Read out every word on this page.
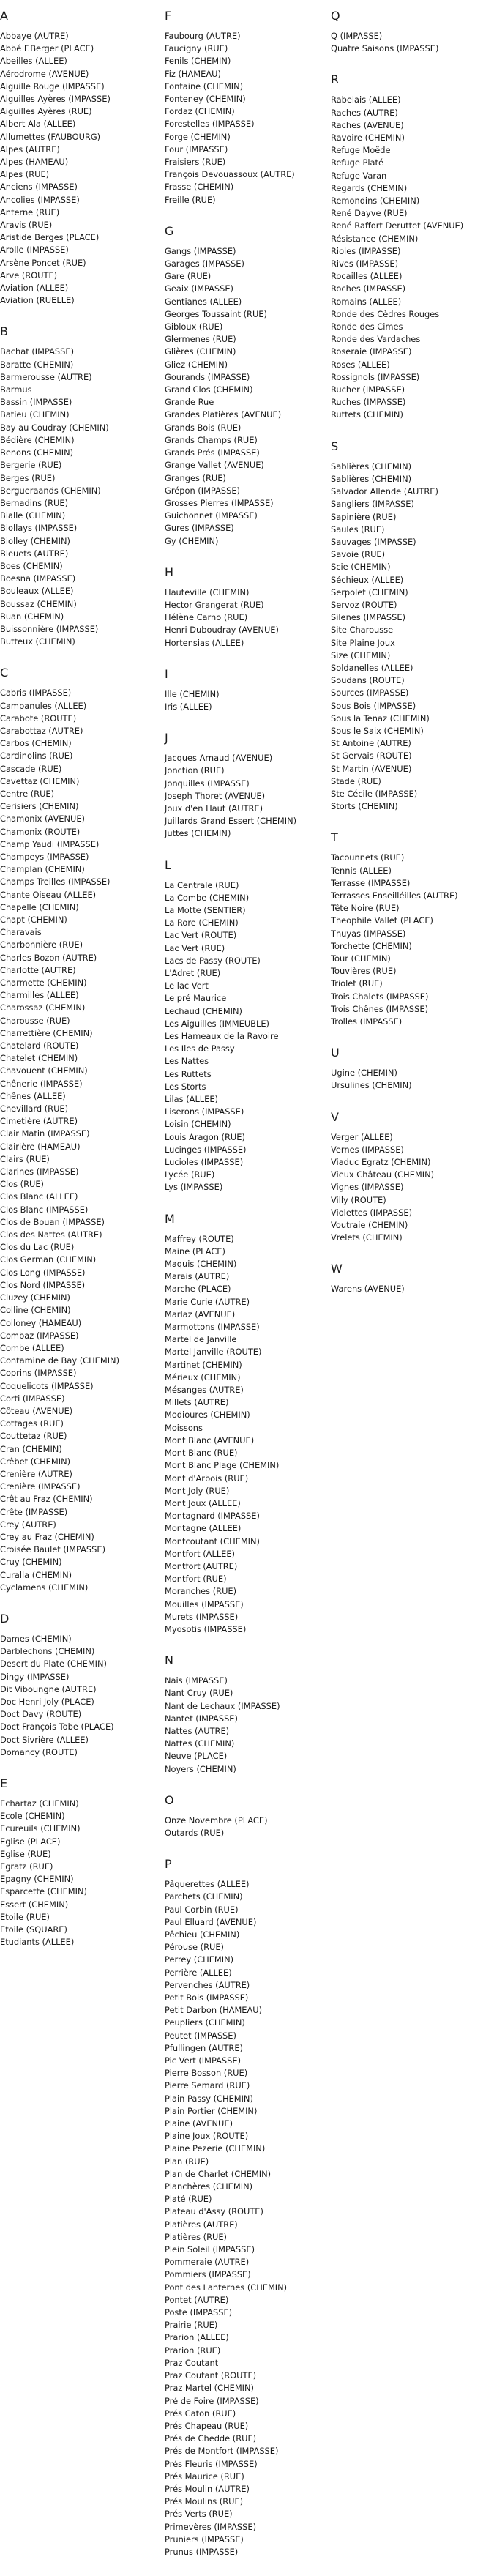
A
Abbaye (AUTRE)
Abbé F.Berger (PLACE)
Abeilles (ALLEE)
Aérodrome (AVENUE)
Aiguille Rouge (IMPASSE)
Aiguilles Ayères (IMPASSE)
Aiguilles Ayères (RUE)
Albert Ala (ALLEE)
Allumettes (FAUBOURG)
Alpes (AUTRE)
Alpes (HAMEAU)
Alpes (RUE)
Anciens (IMPASSE)
Ancolies (IMPASSE)
Anterne (RUE)
Aravis (RUE)
Aristide Berges (PLACE)
Arolle (IMPASSE)
Arsène Poncet (RUE)
Arve (ROUTE)
Aviation (ALLEE)
Aviation (RUELLE)
B
Bachat (IMPASSE)
Baratte (CHEMIN)
Barmerousse (AUTRE)
Barmus
Bassin (IMPASSE)
Batieu (CHEMIN)
Bay au Coudray (CHEMIN)
Bédière (CHEMIN)
Benons (CHEMIN)
Bergerie (RUE)
Berges (RUE)
Bergueraands (CHEMIN)
Bernadins (RUE)
Bialle (CHEMIN)
Biollays (IMPASSE)
Biolley (CHEMIN)
Bleuets (AUTRE)
Boes (CHEMIN)
Boesna (IMPASSE)
Bouleaux (ALLEE)
Boussaz (CHEMIN)
Buan (CHEMIN)
Buissonnière (IMPASSE)
Butteux (CHEMIN)
C
Cabris (IMPASSE)
Campanules (ALLEE)
Carabote (ROUTE)
Carabottaz (AUTRE)
Carbos (CHEMIN)
Cardinolins (RUE)
Cascade (RUE)
Cavettaz (CHEMIN)
Centre (RUE)
Cerisiers (CHEMIN)
Chamonix (AVENUE)
Chamonix (ROUTE)
Champ Yaudi (IMPASSE)
Champeys (IMPASSE)
Champlan (CHEMIN)
Champs Treilles (IMPASSE)
Chante Oiseau (ALLEE)
Chapelle (CHEMIN)
Chapt (CHEMIN)
Charavais
Charbonnière (RUE)
Charles Bozon (AUTRE)
Charlotte (AUTRE)
Charmette (CHEMIN)
Charmilles (ALLEE)
Charossaz (CHEMIN)
Charousse (RUE)
Charrettière (CHEMIN)
Chatelard (ROUTE)
Chatelet (CHEMIN)
Chavouent (CHEMIN)
Chênerie (IMPASSE)
Chênes (ALLEE)
Chevillard (RUE)
Cimetière (AUTRE)
Clair Matin (IMPASSE)
Clairière (HAMEAU)
Clairs (RUE)
Clarines (IMPASSE)
Clos (RUE)
Clos Blanc (ALLEE)
Clos Blanc (IMPASSE)
Clos de Bouan (IMPASSE)
Clos des Nattes (AUTRE)
Clos du Lac (RUE)
Clos German (CHEMIN)
Clos Long (IMPASSE)
Clos Nord (IMPASSE)
Cluzey (CHEMIN)
Colline (CHEMIN)
Colloney (HAMEAU)
Combaz (IMPASSE)
Combe (ALLEE)
Contamine de Bay (CHEMIN)
Coprins (IMPASSE)
Coquelicots (IMPASSE)
Corti (IMPASSE)
Côteau (AVENUE)
Cottages (RUE)
Couttetaz (RUE)
Cran (CHEMIN)
Crêbet (CHEMIN)
Crenière (AUTRE)
Crenière (IMPASSE)
Crêt au Fraz (CHEMIN)
Crête (IMPASSE)
Crey (AUTRE)
Crey au Fraz (CHEMIN)
Croisée Baulet (IMPASSE)
Cruy (CHEMIN)
Curalla (CHEMIN)
Cyclamens (CHEMIN)
D
Dames (CHEMIN)
Darblechons (CHEMIN)
Desert du Plate (CHEMIN)
Dingy (IMPASSE)
Dit Viboungne (AUTRE)
Doc Henri Joly (PLACE)
Doct Davy (ROUTE)
Doct François Tobe (PLACE)
Doct Sivrière (ALLEE)
Domancy (ROUTE)
E
Echartaz (CHEMIN)
Ecole (CHEMIN)
Ecureuils (CHEMIN)
Eglise (PLACE)
Eglise (RUE)
Egratz (RUE)
Epagny (CHEMIN)
Esparcette (CHEMIN)
Essert (CHEMIN)
Etoile (RUE)
Etoile (SQUARE)
Etudiants (ALLEE)
F
Faubourg (AUTRE)
Faucigny (RUE)
Fenils (CHEMIN)
Fiz (HAMEAU)
Fontaine (CHEMIN)
Fonteney (CHEMIN)
Fordaz (CHEMIN)
Forestelles (IMPASSE)
Forge (CHEMIN)
Four (IMPASSE)
Fraisiers (RUE)
François Devouassoux (AUTRE)
Frasse (CHEMIN)
Freille (RUE)
G
Gangs (IMPASSE)
Garages (IMPASSE)
Gare (RUE)
Geaix (IMPASSE)
Gentianes (ALLEE)
Georges Toussaint (RUE)
Gibloux (RUE)
Glermenes (RUE)
Glières (CHEMIN)
Gliez (CHEMIN)
Gourands (IMPASSE)
Grand Clos (CHEMIN)
Grande Rue
Grandes Platières (AVENUE)
Grands Bois (RUE)
Grands Champs (RUE)
Grands Prés (IMPASSE)
Grange Vallet (AVENUE)
Granges (RUE)
Grépon (IMPASSE)
Grosses Pierres (IMPASSE)
Guichonnet (IMPASSE)
Gures (IMPASSE)
Gy (CHEMIN)
H
Hauteville (CHEMIN)
Hector Grangerat (RUE)
Hélène Carno (RUE)
Henri Duboudray (AVENUE)
Hortensias (ALLEE)
I
Ille (CHEMIN)
Iris (ALLEE)
J
Jacques Arnaud (AVENUE)
Jonction (RUE)
Jonquilles (IMPASSE)
Joseph Thoret (AVENUE)
Joux d'en Haut (AUTRE)
Juillards Grand Essert (CHEMIN)
Juttes (CHEMIN)
L
La Centrale (RUE)
La Combe (CHEMIN)
La Motte (SENTIER)
La Rore (CHEMIN)
Lac Vert (ROUTE)
Lac Vert (RUE)
Lacs de Passy (ROUTE)
L'Adret (RUE)
Le lac Vert
Le pré Maurice
Lechaud (CHEMIN)
Les Aiguilles (IMMEUBLE)
Les Hameaux de la Ravoire
Les Iles de Passy
Les Nattes
Les Ruttets
Les Storts
Lilas (ALLEE)
Liserons (IMPASSE)
Loisin (CHEMIN)
Louis Aragon (RUE)
Lucinges (IMPASSE)
Lucioles (IMPASSE)
Lycée (RUE)
Lys (IMPASSE)
M
Maffrey (ROUTE)
Maine (PLACE)
Maquis (CHEMIN)
Marais (AUTRE)
Marche (PLACE)
Marie Curie (AUTRE)
Marlaz (AVENUE)
Marmottons (IMPASSE)
Martel de Janville
Martel Janville (ROUTE)
Martinet (CHEMIN)
Mérieux (CHEMIN)
Mésanges (AUTRE)
Millets (AUTRE)
Modioures (CHEMIN)
Moissons
Mont Blanc (AVENUE)
Mont Blanc (RUE)
Mont Blanc Plage (CHEMIN)
Mont d'Arbois (RUE)
Mont Joly (RUE)
Mont Joux (ALLEE)
Montagnard (IMPASSE)
Montagne (ALLEE)
Montcoutant (CHEMIN)
Montfort (ALLEE)
Montfort (AUTRE)
Montfort (RUE)
Moranches (RUE)
Mouilles (IMPASSE)
Murets (IMPASSE)
Myosotis (IMPASSE)
N
Nais (IMPASSE)
Nant Cruy (RUE)
Nant de Lechaux (IMPASSE)
Nantet (IMPASSE)
Nattes (AUTRE)
Nattes (CHEMIN)
Neuve (PLACE)
Noyers (CHEMIN)
O
Onze Novembre (PLACE)
Outards (RUE)
P
Pâquerettes (ALLEE)
Parchets (CHEMIN)
Paul Corbin (RUE)
Paul Elluard (AVENUE)
Pêchieu (CHEMIN)
Pérouse (RUE)
Perrey (CHEMIN)
Perrière (ALLEE)
Pervenches (AUTRE)
Petit Bois (IMPASSE)
Petit Darbon (HAMEAU)
Peupliers (CHEMIN)
Peutet (IMPASSE)
Pfullingen (AUTRE)
Pic Vert (IMPASSE)
Pierre Bosson (RUE)
Pierre Semard (RUE)
Plain Passy (CHEMIN)
Plain Portier (CHEMIN)
Plaine (AVENUE)
Plaine Joux (ROUTE)
Plaine Pezerie (CHEMIN)
Plan (RUE)
Plan de Charlet (CHEMIN)
Planchères (CHEMIN)
Platé (RUE)
Plateau d'Assy (ROUTE)
Platières (AUTRE)
Platières (RUE)
Plein Soleil (IMPASSE)
Pommeraie (AUTRE)
Pommiers (IMPASSE)
Pont des Lanternes (CHEMIN)
Pontet (AUTRE)
Poste (IMPASSE)
Prairie (RUE)
Prarion (ALLEE)
Prarion (RUE)
Praz Coutant
Praz Coutant (ROUTE)
Praz Martel (CHEMIN)
Pré de Foire (IMPASSE)
Prés Caton (RUE)
Prés Chapeau (RUE)
Prés de Chedde (RUE)
Prés de Montfort (IMPASSE)
Prés Fleuris (IMPASSE)
Prés Maurice (RUE)
Prés Moulin (AUTRE)
Prés Moulins (RUE)
Prés Verts (RUE)
Primevères (IMPASSE)
Pruniers (IMPASSE)
Prunus (IMPASSE)
Q
Q (IMPASSE)
Quatre Saisons (IMPASSE)
R
Rabelais (ALLEE)
Raches (AUTRE)
Raches (AVENUE)
Ravoire (CHEMIN)
Refuge Moëde
Refuge Platé
Refuge Varan
Regards (CHEMIN)
Remondins (CHEMIN)
René Dayve (RUE)
René Raffort Deruttet (AVENUE)
Résistance (CHEMIN)
Rioles (IMPASSE)
Rives (IMPASSE)
Rocailles (ALLEE)
Roches (IMPASSE)
Romains (ALLEE)
Ronde des Cèdres Rouges
Ronde des Cimes
Ronde des Vardaches
Roseraie (IMPASSE)
Roses (ALLEE)
Rossignols (IMPASSE)
Rucher (IMPASSE)
Ruches (IMPASSE)
Ruttets (CHEMIN)
S
Sablières (CHEMIN)
Sablières (CHEMIN)
Salvador Allende (AUTRE)
Sangliers (IMPASSE)
Sapinière (RUE)
Saules (RUE)
Sauvages (IMPASSE)
Savoie (RUE)
Scie (CHEMIN)
Séchieux (ALLEE)
Serpolet (CHEMIN)
Servoz (ROUTE)
Silenes (IMPASSE)
Site Charousse
Site Plaine Joux
Size (CHEMIN)
Soldanelles (ALLEE)
Soudans (ROUTE)
Sources (IMPASSE)
Sous Bois (IMPASSE)
Sous la Tenaz (CHEMIN)
Sous le Saix (CHEMIN)
St Antoine (AUTRE)
St Gervais (ROUTE)
St Martin (AVENUE)
Stade (RUE)
Ste Cécile (IMPASSE)
Storts (CHEMIN)
T
Tacounnets (RUE)
Tennis (ALLEE)
Terrasse (IMPASSE)
Terrasses Enseilléilles (AUTRE)
Tête Noire (RUE)
Theophile Vallet (PLACE)
Thuyas (IMPASSE)
Torchette (CHEMIN)
Tour (CHEMIN)
Touvières (RUE)
Triolet (RUE)
Trois Chalets (IMPASSE)
Trois Chênes (IMPASSE)
Trolles (IMPASSE)
U
Ugine (CHEMIN)
Ursulines (CHEMIN)
V
Verger (ALLEE)
Vernes (IMPASSE)
Viaduc Egratz (CHEMIN)
Vieux Château (CHEMIN)
Vignes (IMPASSE)
Villy (ROUTE)
Violettes (IMPASSE)
Voutraie (CHEMIN)
Vrelets (CHEMIN)
W
Warens (AVENUE)
